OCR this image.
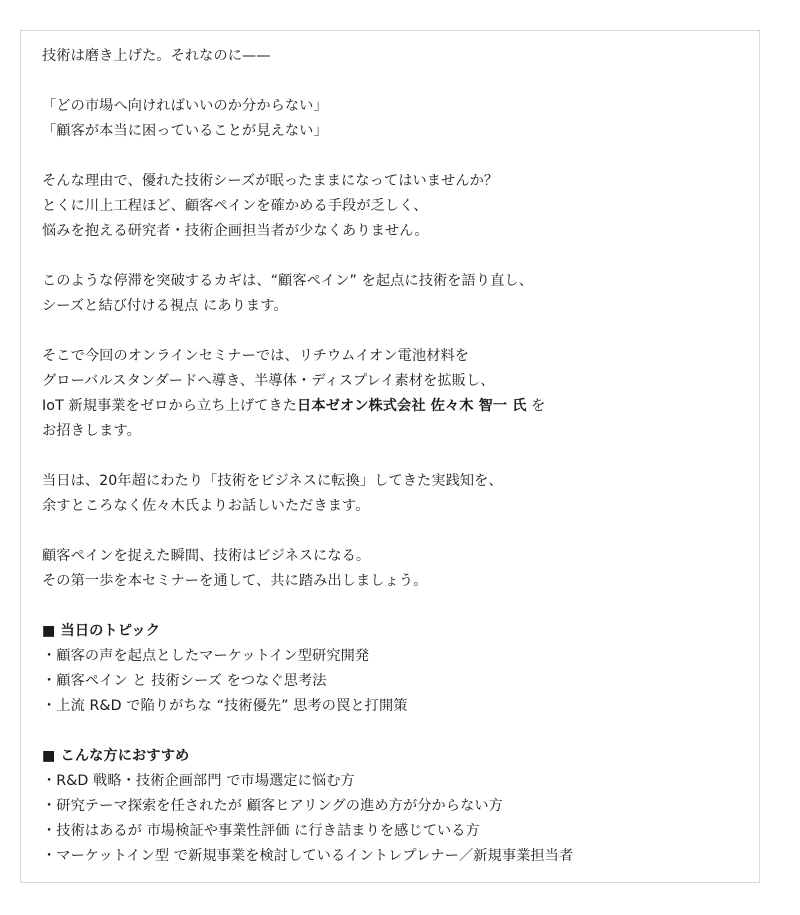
技術は磨き上げた。それなのに——
「どの市場へ向ければいいのか分からない」
「顧客が本当に困っていることが見えない」
そんな理由で、優れた技術シーズが眠ったままになってはいませんか？
とくに川上工程ほど、顧客ペインを確かめる手段が乏しく、
悩みを抱える研究者・技術企画担当者が少なくありません。
このような停滞を突破するカギは、“顧客ペイン” を起点に技術を語り直し、
シーズと結び付ける視点 にあります。
そこで今回のオンラインセミナーでは、リチウムイオン電池材料を
グローバルスタンダードへ導き、半導体・ディスプレイ素材を拡販し、
IoT 新規事業をゼロから立ち上げてきた日本ゼオン株式会社 佐々木 智一 氏 を
お招きします。
当日は、20年超にわたり「技術をビジネスに転換」してきた実践知を、
余すところなく佐々木氏よりお話しいただきます。
顧客ペインを捉えた瞬間、技術はビジネスになる。
その第一歩を本セミナーを通して、共に踏み出しましょう。
■ 当日のトピック
・顧客の声を起点としたマーケットイン型研究開発
・顧客ペイン と 技術シーズ をつなぐ思考法
・上流 R&D で陥りがちな “技術優先” 思考の罠と打開策
■ こんな方におすすめ
・R&D 戦略・技術企画部門 で市場選定に悩む方
・研究テーマ探索を任されたが 顧客ヒアリングの進め方が分からない方
・技術はあるが 市場検証や事業性評価 に行き詰まりを感じている方
・マーケットイン型 で新規事業を検討しているイントレプレナー／新規事業担当者
